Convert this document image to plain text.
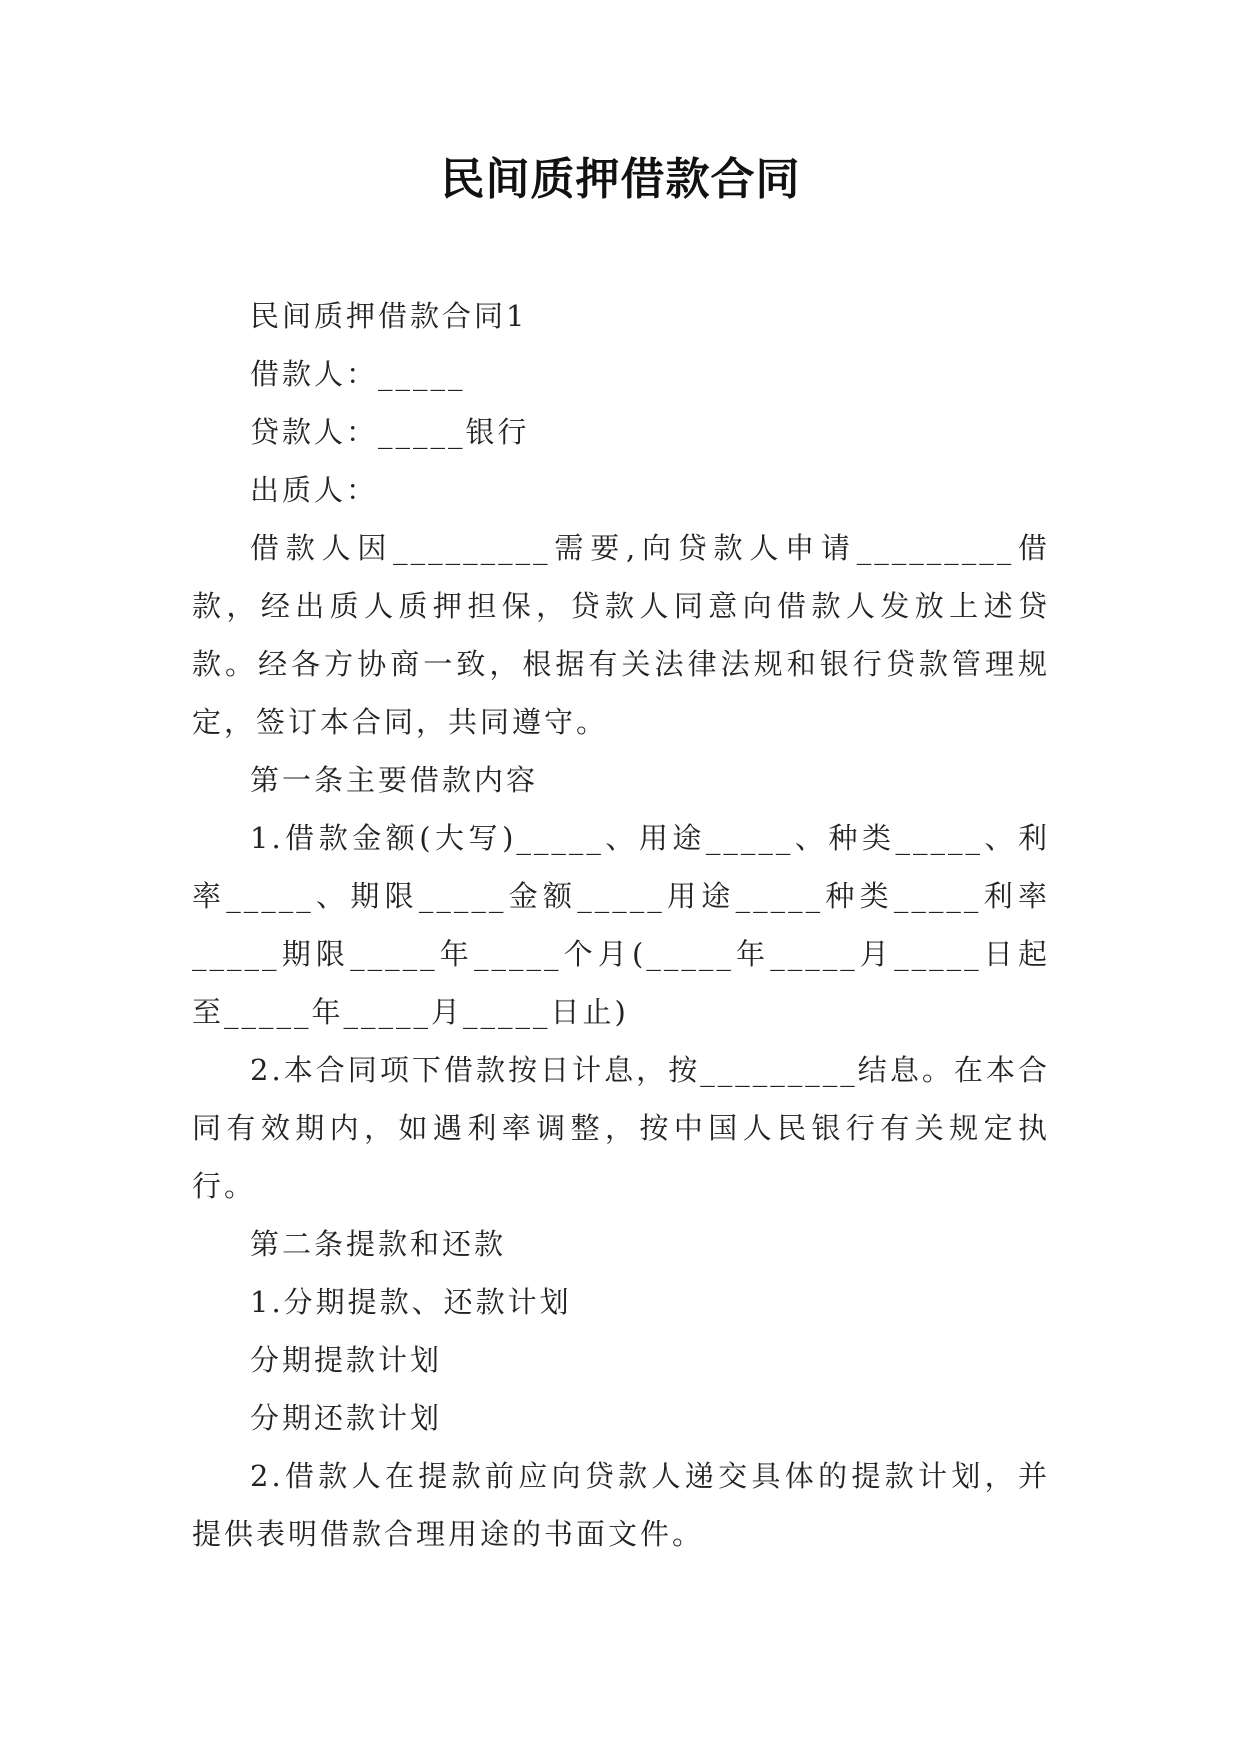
民间质押借款合同

民间质押借款合同1

借款人：_____

贷款人：_____银行

出质人：

借款人因_________需要,向贷款人申请_________借款，经出质人质押担保，贷款人同意向借款人发放上述贷款。经各方协商一致，根据有关法律法规和银行贷款管理规定，签订本合同，共同遵守。

第一条主要借款内容

1.借款金额(大写)_____、用途_____、种类_____、利率_____、期限_____金额_____用途_____种类_____利率_____期限_____年_____个月(_____年_____月_____日起至_____年_____月_____日止)

2.本合同项下借款按日计息，按_________结息。在本合同有效期内，如遇利率调整，按中国人民银行有关规定执行。

第二条提款和还款

1.分期提款、还款计划

分期提款计划

分期还款计划

2.借款人在提款前应向贷款人递交具体的提款计划，并提供表明借款合理用途的书面文件。
